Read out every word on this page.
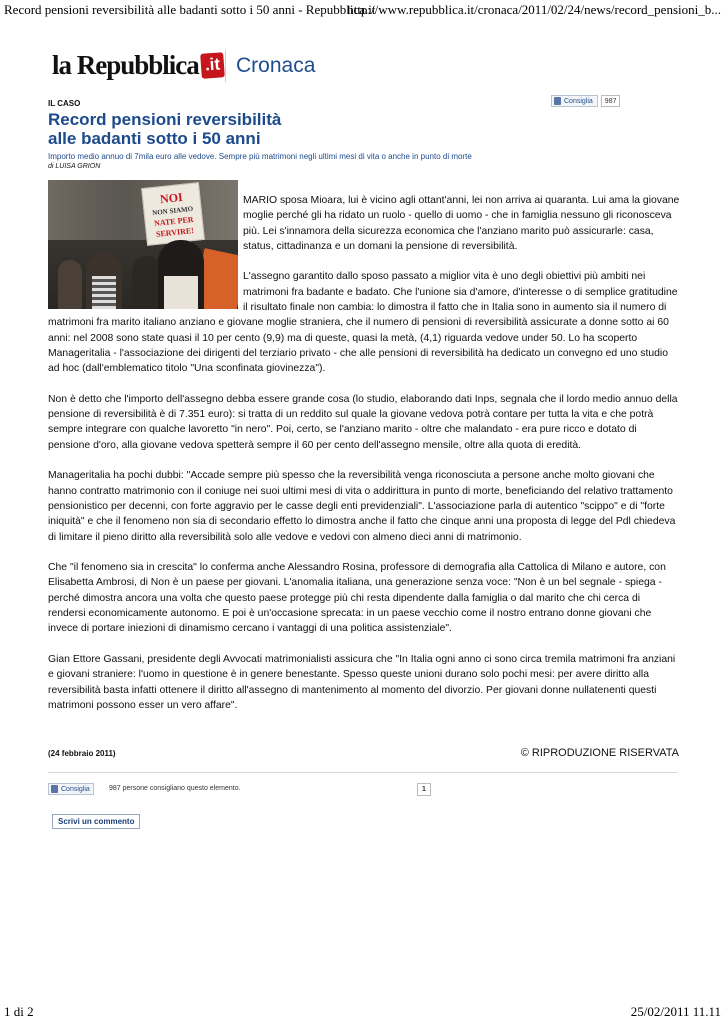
Record pensioni reversibilità alle badanti sotto i 50 anni - Repubblica.it
http://www.repubblica.it/cronaca/2011/02/24/news/record_pensioni_b...
la Repubblica .it Cronaca
IL CASO	Consiglia	987
Record pensioni reversibilità
alle badanti sotto i 50 anni
Importo medio annuo di 7mila euro alle vedove. Sempre più matrimoni negli ultimi mesi di vita o anche in punto di morte
di LUISA GRION
NOI
NON SIAMO
NATE PER
SERVIRE!

MARIO sposa Mioara, lui è vicino agli ottant'anni, lei non arriva ai quaranta. Lui ama la giovane moglie perché gli ha ridato un ruolo - quello di uomo - che in famiglia nessuno gli riconosceva più. Lei s'innamora della sicurezza economica che l'anziano marito può assicurarle: casa, status, cittadinanza e un domani la pensione di reversibilità.

L'assegno garantito dallo sposo passato a miglior vita è uno degli obiettivi più ambiti nei matrimoni fra badante e badato. Che l'unione sia d'amore, d'interesse o di semplice gratitudine il risultato finale non cambia: lo dimostra il fatto che in Italia sono in aumento sia il numero di matrimoni fra marito italiano anziano e giovane moglie straniera, che il numero di pensioni di reversibilità assicurate a donne sotto ai 60 anni: nel 2008 sono state quasi il 10 per cento (9,9) ma di queste, quasi la metà, (4,1) riguarda vedove under 50. Lo ha scoperto Manageritalia - l'associazione dei dirigenti del terziario privato - che alle pensioni di reversibilità ha dedicato un convegno ed uno studio ad hoc (dall'emblematico titolo "Una sconfinata giovinezza").

Non è detto che l'importo dell'assegno debba essere grande cosa (lo studio, elaborando dati Inps, segnala che il lordo medio annuo della pensione di reversibilità è di 7.351 euro): si tratta di un reddito sul quale la giovane vedova potrà contare per tutta la vita e che potrà sempre integrare con qualche lavoretto "in nero". Poi, certo, se l'anziano marito - oltre che malandato - era pure ricco e dotato di pensione d'oro, alla giovane vedova spetterà sempre il 60 per cento dell'assegno mensile, oltre alla quota di eredità.

Manageritalia ha pochi dubbi: "Accade sempre più spesso che la reversibilità venga riconosciuta a persone anche molto giovani che hanno contratto matrimonio con il coniuge nei suoi ultimi mesi di vita o addirittura in punto di morte, beneficiando del relativo trattamento pensionistico per decenni, con forte aggravio per le casse degli enti previdenziali". L'associazione parla di autentico "scippo" e di "forte iniquità" e che il fenomeno non sia di secondario effetto lo dimostra anche il fatto che cinque anni una proposta di legge del Pdl chiedeva di limitare il pieno diritto alla reversibilità solo alle vedove e vedovi con almeno dieci anni di matrimonio.

Che "il fenomeno sia in crescita" lo conferma anche Alessandro Rosina, professore di demografia alla Cattolica di Milano e autore, con Elisabetta Ambrosi, di Non è un paese per giovani. L'anomalia italiana, una generazione senza voce: "Non è un bel segnale - spiega - perché dimostra ancora una volta che questo paese protegge più chi resta dipendente dalla famiglia o dal marito che chi cerca di rendersi economicamente autonomo. E poi è un'occasione sprecata: in un paese vecchio come il nostro entrano donne giovani che invece di portare iniezioni di dinamismo cercano i vantaggi di una politica assistenziale".

Gian Ettore Gassani, presidente degli Avvocati matrimonialisti assicura che "In Italia ogni anno ci sono circa tremila matrimoni fra anziani e giovani straniere: l'uomo in questione è in genere benestante. Spesso queste unioni durano solo pochi mesi: per avere diritto alla reversibilità basta infatti ottenere il diritto all'assegno di mantenimento al momento del divorzio. Per giovani donne nullatenenti questi matrimoni possono esser un vero affare".

(24 febbraio 2011)	© RIPRODUZIONE RISERVATA
Consiglia	987 persone consigliano questo elemento.	1
Scrivi un commento
1 di 2	25/02/2011 11.11
